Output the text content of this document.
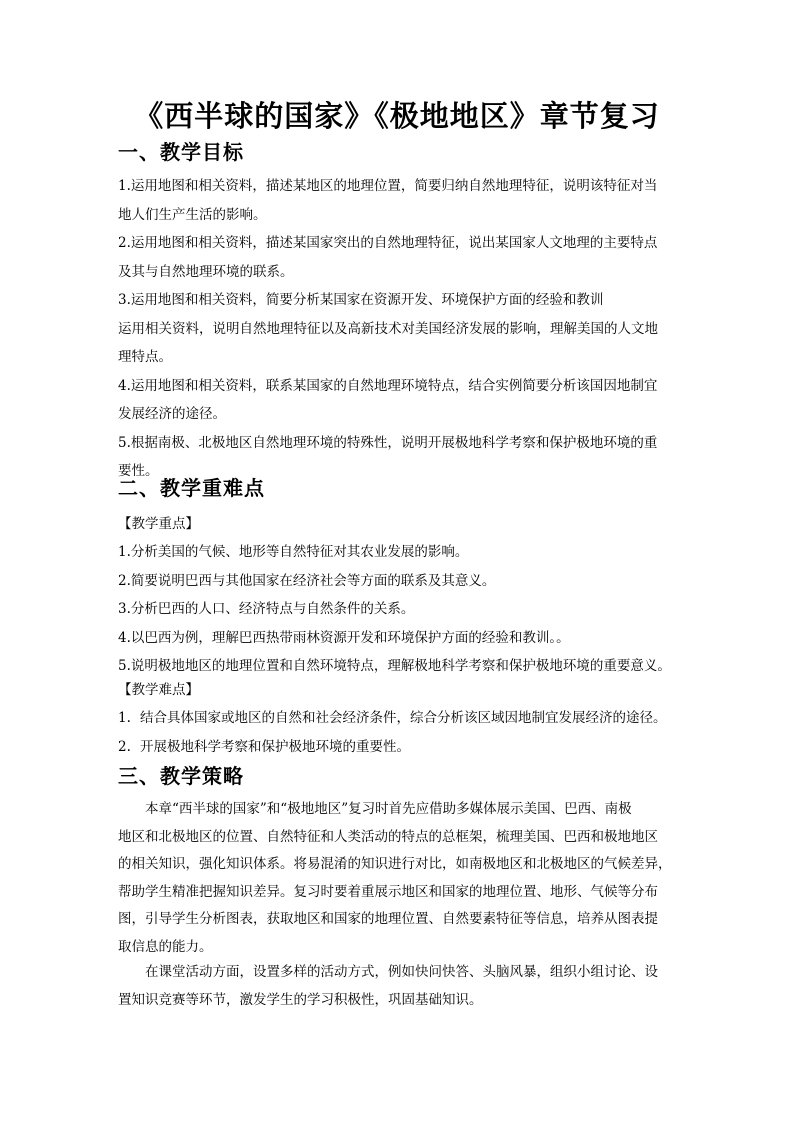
《西半球的国家》《极地地区》章节复习
一、教学目标
1.运用地图和相关资料，描述某地区的地理位置，简要归纳自然地理特征，说明该特征对当
地人们生产生活的影响。
2.运用地图和相关资料，描述某国家突出的自然地理特征，说出某国家人文地理的主要特点
及其与自然地理环境的联系。
3.运用地图和相关资料，简要分析某国家在资源开发、环境保护方面的经验和教训
运用相关资料，说明自然地理特征以及高新技术对美国经济发展的影响，理解美国的人文地
理特点。
4.运用地图和相关资料，联系某国家的自然地理环境特点，结合实例简要分析该国因地制宜
发展经济的途径。
5.根据南极、北极地区自然地理环境的特殊性，说明开展极地科学考察和保护极地环境的重
要性。
二、教学重难点
【教学重点】
1.分析美国的气候、地形等自然特征对其农业发展的影响。
2.简要说明巴西与其他国家在经济社会等方面的联系及其意义。
3.分析巴西的人口、经济特点与自然条件的关系。
4.以巴西为例，理解巴西热带雨林资源开发和环境保护方面的经验和教训。。
5.说明极地地区的地理位置和自然环境特点，理解极地科学考察和保护极地环境的重要意义。
【教学难点】
1. 结合具体国家或地区的自然和社会经济条件，综合分析该区域因地制宜发展经济的途径。
2. 开展极地科学考察和保护极地环境的重要性。
三、教学策略
　　本章“西半球的国家”和“极地地区”复习时首先应借助多媒体展示美国、巴西、南极
地区和北极地区的位置、自然特征和人类活动的特点的总框架，梳理美国、巴西和极地地区
的相关知识，强化知识体系。将易混淆的知识进行对比，如南极地区和北极地区的气候差异，
帮助学生精准把握知识差异。复习时要着重展示地区和国家的地理位置、地形、气候等分布
图，引导学生分析图表，获取地区和国家的地理位置、自然要素特征等信息，培养从图表提
取信息的能力。
　　在课堂活动方面，设置多样的活动方式，例如快问快答、头脑风暴，组织小组讨论、设
置知识竞赛等环节，激发学生的学习积极性，巩固基础知识。
